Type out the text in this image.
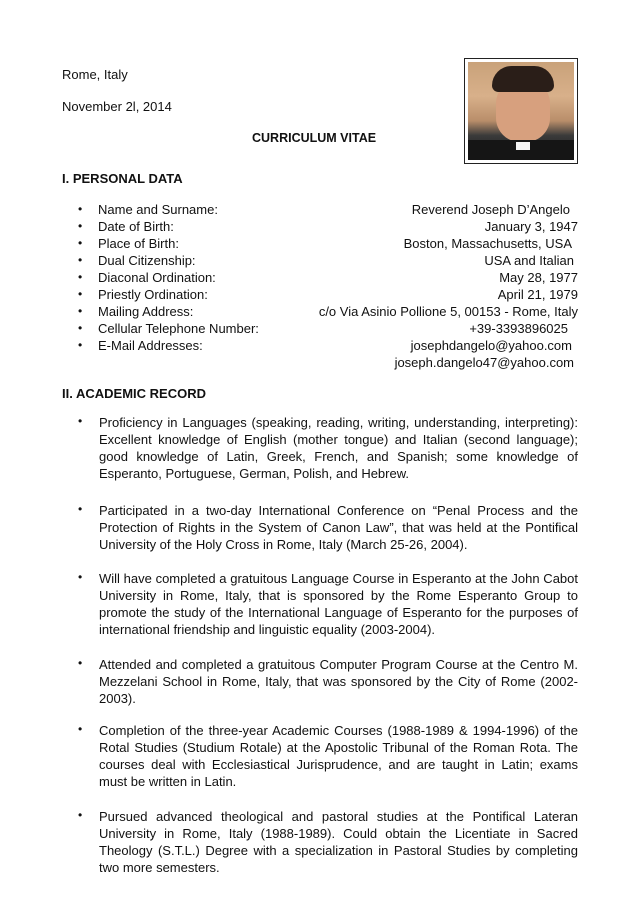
Rome, Italy
November 2l, 2014
CURRICULUM VITAE
I. PERSONAL DATA
• Name and Surname:	Reverend Joseph D’Angelo
• Date of Birth:	January 3, 1947
• Place of Birth:	Boston, Massachusetts, USA
• Dual Citizenship:	USA and Italian
• Diaconal Ordination:	May 28, 1977
• Priestly Ordination:	April 21, 1979
• Mailing Address:	c/o Via Asinio Pollione 5, 00153 - Rome, Italy
• Cellular Telephone Number:	+39-3393896025
• E-Mail Addresses:	josephdangelo@yahoo.com
joseph.dangelo47@yahoo.com
II. ACADEMIC RECORD
• Proficiency in Languages (speaking, reading, writing, understanding, interpreting): Excellent knowledge of English (mother tongue) and Italian (second language); good knowledge of Latin, Greek, French, and Spanish; some knowledge of Esperanto, Portuguese, German, Polish, and Hebrew.
• Participated in a two-day International Conference on “Penal Process and the Protection of Rights in the System of Canon Law”, that was held at the Pontifical University of the Holy Cross in Rome, Italy (March 25-26, 2004).
• Will have completed a gratuitous Language Course in Esperanto at the John Cabot University in Rome, Italy, that is sponsored by the Rome Esperanto Group to promote the study of the International Language of Esperanto for the purposes of international friendship and linguistic equality (2003-2004).
• Attended and completed a gratuitous Computer Program Course at the Centro M. Mezzelani School in Rome, Italy, that was sponsored by the City of Rome (2002-2003).
• Completion of the three-year Academic Courses (1988-1989 & 1994-1996) of the Rotal Studies (Studium Rotale) at the Apostolic Tribunal of the Roman Rota. The courses deal with Ecclesiastical Jurisprudence, and are taught in Latin; exams must be written in Latin.
• Pursued advanced theological and pastoral studies at the Pontifical Lateran University in Rome, Italy (1988-1989). Could obtain the Licentiate in Sacred Theology (S.T.L.) Degree with a specialization in Pastoral Studies by completing two more semesters.
